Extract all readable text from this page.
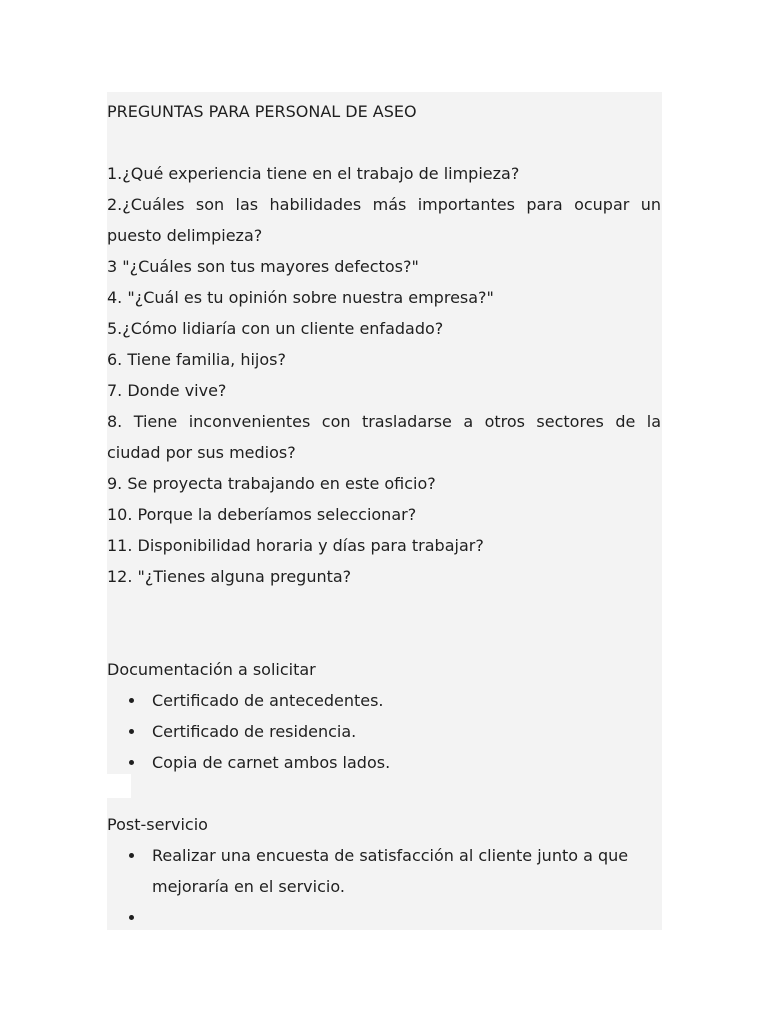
PREGUNTAS PARA PERSONAL DE ASEO
1.¿Qué experiencia tiene en el trabajo de limpieza?
2.¿Cuáles son las habilidades más importantes para ocupar un puesto delimpieza?
3 "¿Cuáles son tus mayores defectos?"
4. "¿Cuál es tu opinión sobre nuestra empresa?"
5.¿Cómo lidiaría con un cliente enfadado?
6. Tiene familia, hijos?
7. Donde vive?
8. Tiene inconvenientes con trasladarse a otros sectores de la ciudad por sus medios?
9. Se proyecta trabajando en este oficio?
10. Porque la deberíamos seleccionar?
11. Disponibilidad horaria y días para trabajar?
12. "¿Tienes alguna pregunta?
Documentación a solicitar
Certificado de antecedentes.
Certificado de residencia.
Copia de carnet ambos lados.
Post-servicio
Realizar una encuesta de satisfacción al cliente junto a que mejoraría en el servicio.
